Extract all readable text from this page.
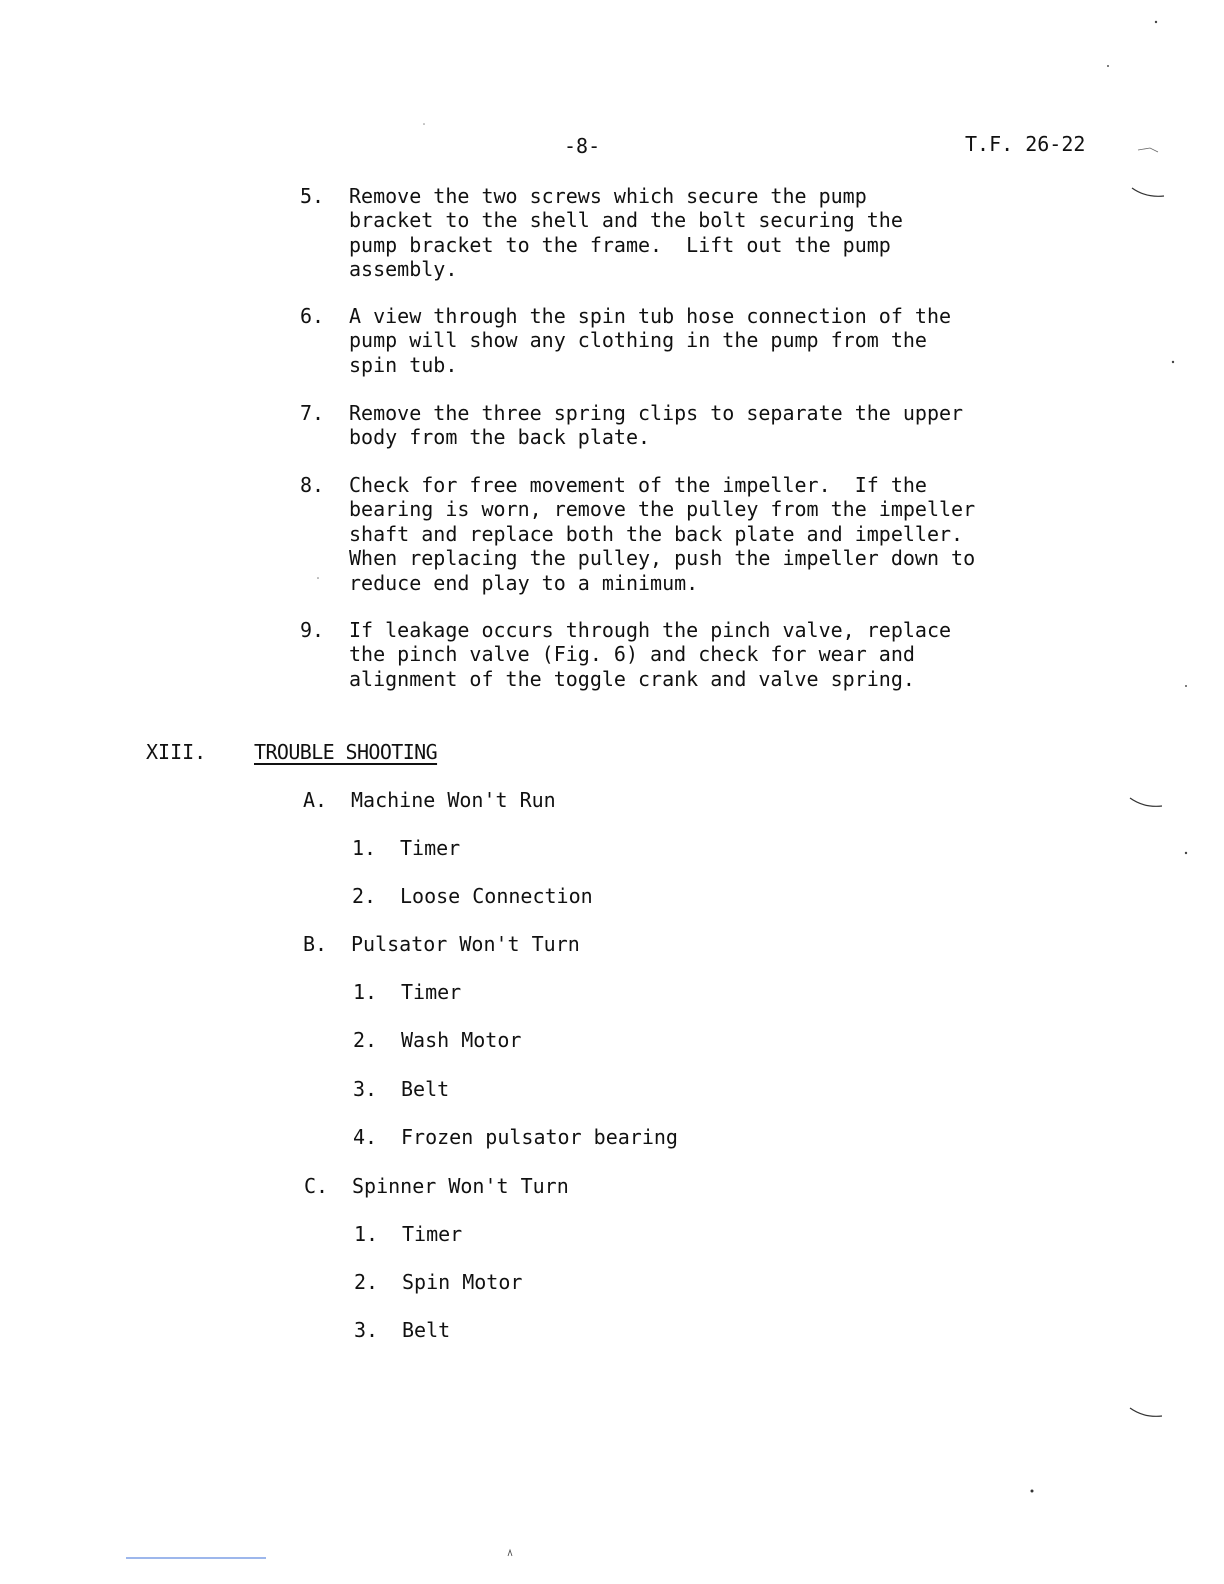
-8-	T.F. 26-22
5. Remove the two screws which secure the pump
bracket to the shell and the bolt securing the
pump bracket to the frame.  Lift out the pump
assembly.
6. A view through the spin tub hose connection of the
pump will show any clothing in the pump from the
spin tub.
7. Remove the three spring clips to separate the upper
body from the back plate.
8. Check for free movement of the impeller.  If the
bearing is worn, remove the pulley from the impeller
shaft and replace both the back plate and impeller.
When replacing the pulley, push the impeller down to
reduce end play to a minimum.
9. If leakage occurs through the pinch valve, replace
the pinch valve (Fig. 6) and check for wear and
alignment of the toggle crank and valve spring.
XIII. TROUBLE SHOOTING
A. Machine Won't Run
1. Timer
2. Loose Connection
B. Pulsator Won't Turn
1. Timer
2. Wash Motor
3. Belt
4. Frozen pulsator bearing
C. Spinner Won't Turn
1. Timer
2. Spin Motor
3. Belt
